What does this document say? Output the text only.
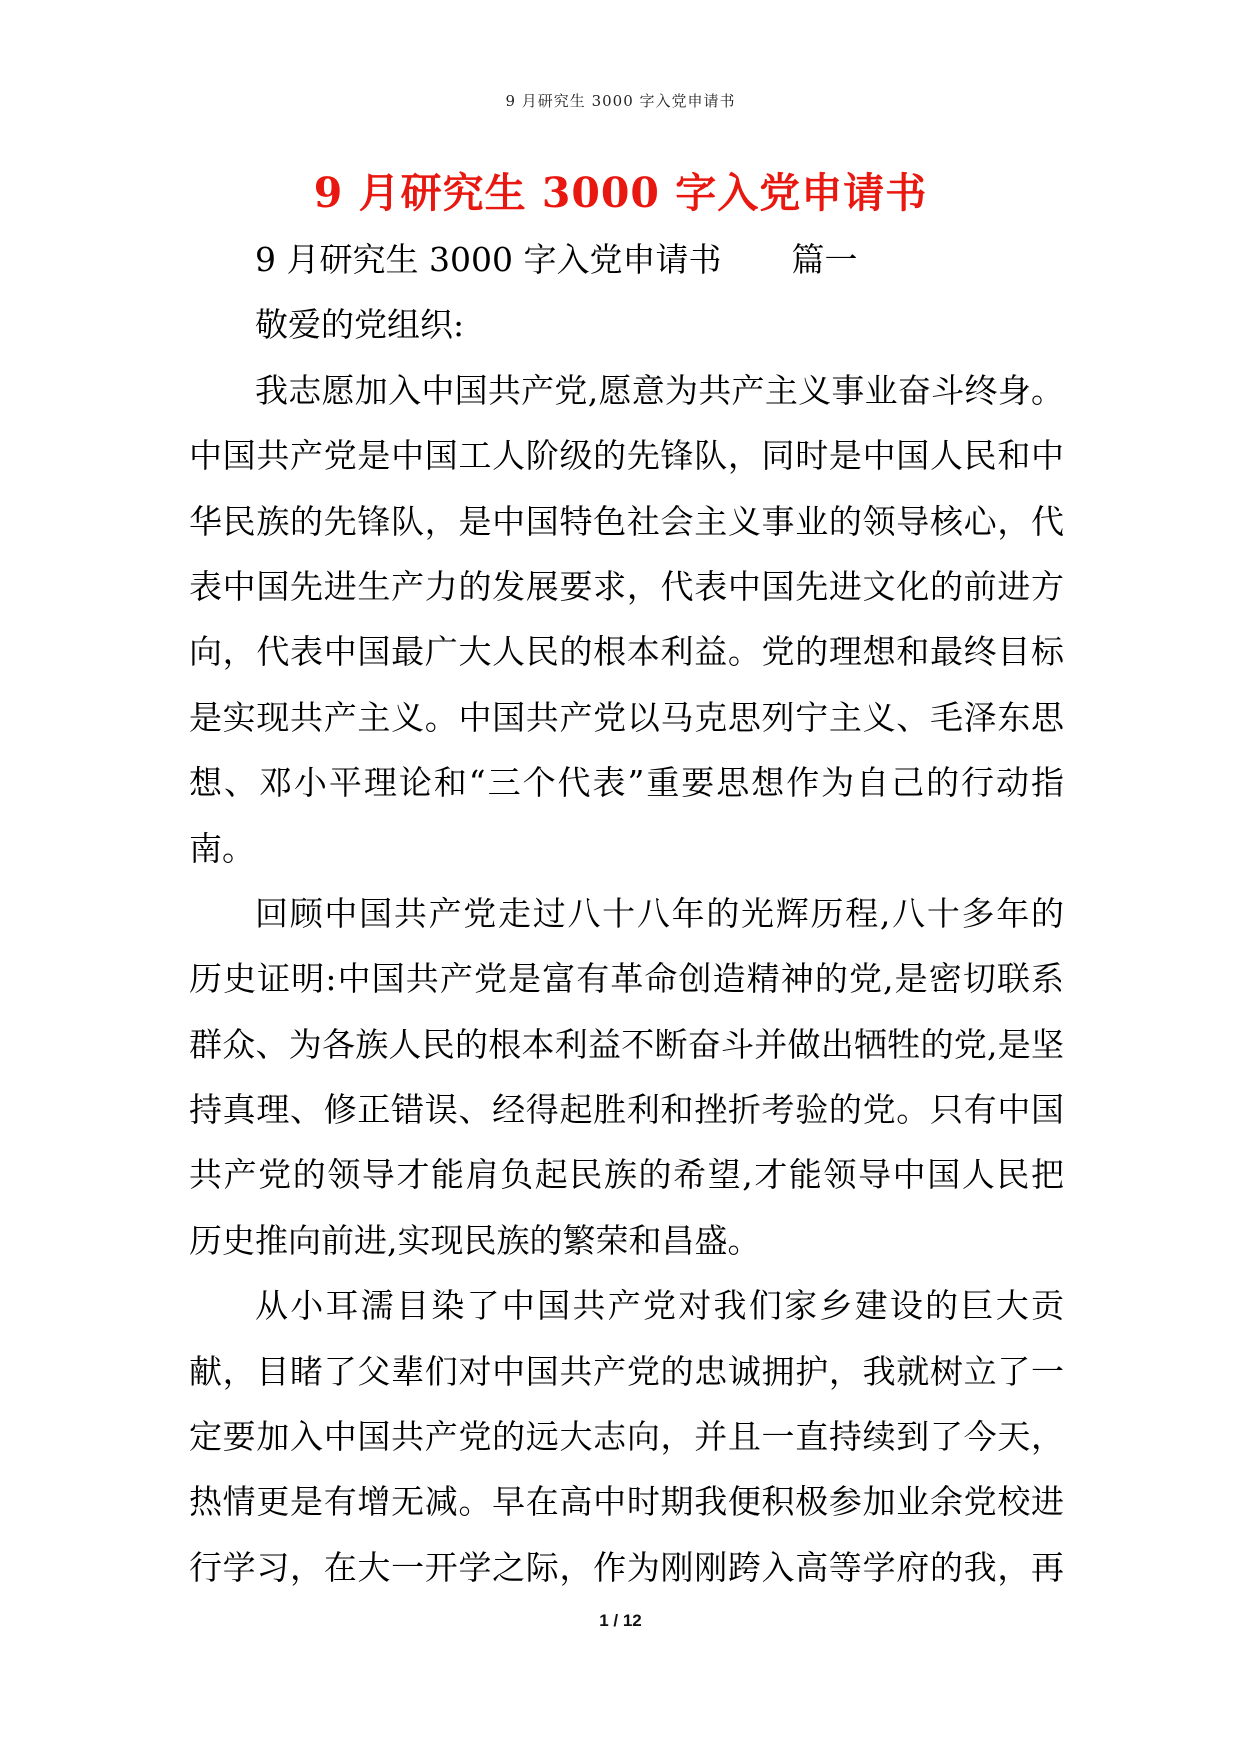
9 月研究生 3000 字入党申请书
9 月研究生 3000 字入党申请书
9 月研究生 3000 字入党申请书 篇一
敬爱的党组织:
我志愿加入中国共产党,愿意为共产主义事业奋斗终身。
中国共产党是中国工人阶级的先锋队，同时是中国人民和中
华民族的先锋队，是中国特色社会主义事业的领导核心，代
表中国先进生产力的发展要求，代表中国先进文化的前进方
向，代表中国最广大人民的根本利益。党的理想和最终目标
是实现共产主义。中国共产党以马克思列宁主义、毛泽东思
想、邓小平理论和“三个代表”重要思想作为自己的行动指
南。
回顾中国共产党走过八十八年的光辉历程,八十多年的
历史证明:中国共产党是富有革命创造精神的党,是密切联系
群众、为各族人民的根本利益不断奋斗并做出牺牲的党,是坚
持真理、修正错误、经得起胜利和挫折考验的党。只有中国
共产党的领导才能肩负起民族的希望,才能领导中国人民把
历史推向前进,实现民族的繁荣和昌盛。
从小耳濡目染了中国共产党对我们家乡建设的巨大贡
献，目睹了父辈们对中国共产党的忠诚拥护，我就树立了一
定要加入中国共产党的远大志向，并且一直持续到了今天，
热情更是有增无减。早在高中时期我便积极参加业余党校进
行学习，在大一开学之际，作为刚刚跨入高等学府的我，再
1 / 12
